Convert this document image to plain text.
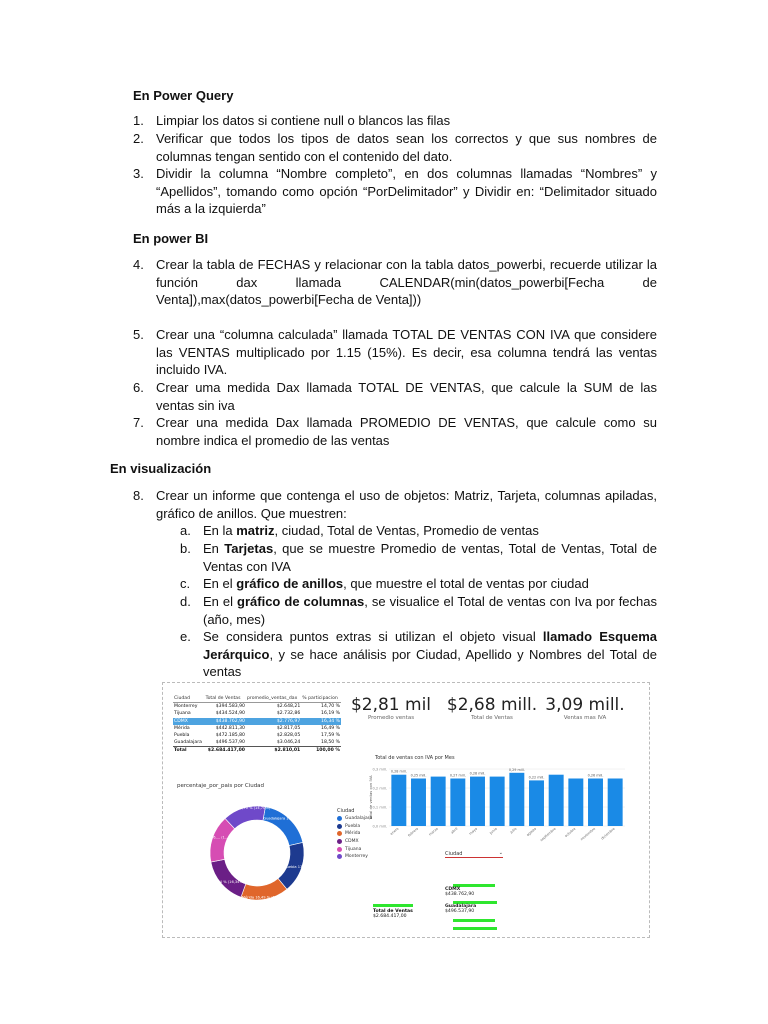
En Power Query
1. Limpiar los datos si contiene null o blancos las filas
2. Verificar que todos los tipos de datos sean los correctos y que sus nombres de columnas tengan sentido con el contenido del dato.
3. Dividir la columna “Nombre completo”, en dos columnas llamadas “Nombres” y “Apellidos”, tomando como opción “PorDelimitador” y Dividir en: “Delimitador situado más a la izquierda”
En power BI
4. Crear la tabla de FECHAS y relacionar con la tabla datos_powerbi, recuerde utilizar la función dax llamada CALENDAR(min(datos_powerbi[Fecha de Venta]),max(datos_powerbi[Fecha de Venta]))
5. Crear una “columna calculada” llamada TOTAL DE VENTAS CON IVA que considere las VENTAS multiplicado por 1.15 (15%). Es decir, esa columna tendrá las ventas incluido IVA.
6. Crear uma medida Dax llamada TOTAL DE VENTAS, que calcule la SUM de las ventas sin iva
7. Crear una medida Dax llamada PROMEDIO DE VENTAS, que calcule como su nombre indica el promedio de las ventas
En visualización
8. Crear un informe que contenga el uso de objetos: Matriz, Tarjeta, columnas apiladas, gráfico de anillos. Que muestren:
a. En la matriz, ciudad, Total de Ventas, Promedio de ventas
b. En Tarjetas, que se muestre Promedio de ventas, Total de Ventas, Total de Ventas con IVA
c. En el gráfico de anillos, que muestre el total de ventas por ciudad
d. En el gráfico de columnas, se visualice el Total de ventas con Iva por fechas (año, mes)
e. Se considera puntos extras si utilizan el objeto visual llamado Esquema Jerárquico, y se hace análisis por Ciudad, Apellido y Nombres del Total de ventas
Ciudad	Total de Ventas	promedio_ventas_dax	% participacion
Monterrey	$394.583,90	$2.648,21	14,70 %
Tijuana	$434.524,90	$2.732,86	16,19 %
CDMX	$438.762,90	$2.776,97	16,34 %
Mérida	$442.811,30	$2.817,05	16,49 %
Puebla	$472.185,80	$2.828,05	17,59 %
Guadalajara	$496.537,90	$3.046,24	18,50 %
Total	$2.684.417,00	$2.810,01	100,00 %
$2,81 mil
Promedio ventas
$2,68 mill.
Total de Ventas
3,09 mill.
Ventas mas IVA
percentaje_por_pais por Ciudad
Guadalajara 18,5 % (18,5%)
Puebla 17,... (1...)
Mérida 16,49 % (16,49%)
CDMX 16,34 % (16,34%)
Tijuana 16,... (1...)
Monterrey 14,70 % (14,70%)
Ciudad
Guadalajara
Puebla
Mérida
CDMX
Tijuana
Monterrey
Total de ventas con IVA por Mes
0,3 mill.
0,2 mill.
0,1 mill.
0,0 mill.
Total de ventas con IVA
enero febrero	marzo	abril	mayo	junio	julio agosto septiembre octubre noviembre diciembre
0,28 mill.
0,25 mill.	0,27 mill. 0,28 mill.
0,29 mill.
0,22 mill.	0,26 mill.
Ciudad	⌄
CDMX
$438.762,90
Guadalajara
$496.537,90
Total de Ventas
$2.684.417,00
